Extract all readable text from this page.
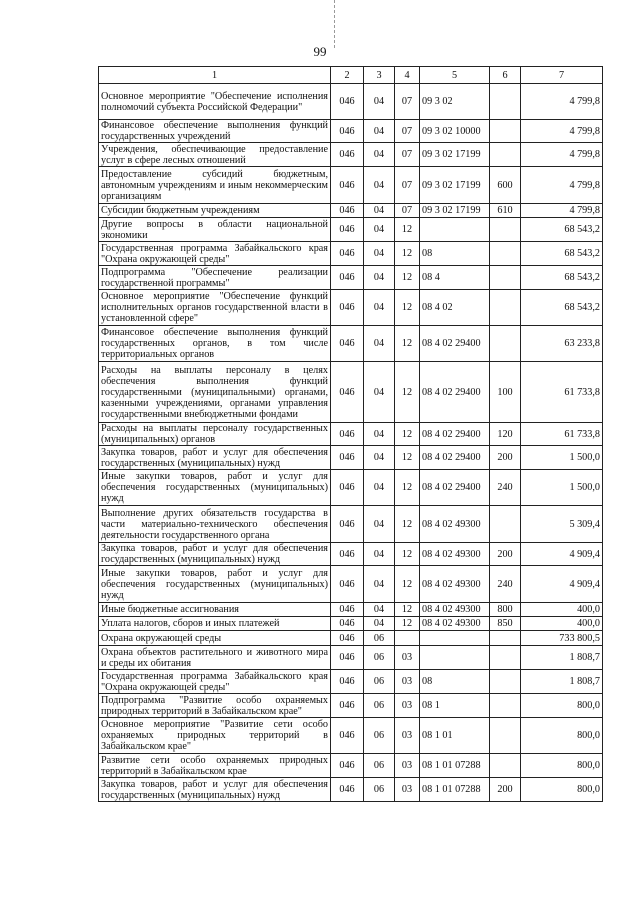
99
1	2	3	4	5	6	7
Основное мероприятие "Обеспечение исполнения полномочий субъекта Российской Федерации"	046	04	07	09 3 02		4 799,8
Финансовое обеспечение выполнения функций государственных учреждений	046	04	07	09 3 02 10000		4 799,8
Учреждения, обеспечивающие предоставление услуг в сфере лесных отношений	046	04	07	09 3 02 17199		4 799,8
Предоставление субсидий бюджетным, автономным учреждениям и иным некоммерческим организациям	046	04	07	09 3 02 17199	600	4 799,8
Субсидии бюджетным учреждениям	046	04	07	09 3 02 17199	610	4 799,8
Другие вопросы в области национальной экономики	046	04	12			68 543,2
Государственная программа Забайкальского края "Охрана окружающей среды"	046	04	12	08		68 543,2
Подпрограмма "Обеспечение реализации государственной программы"	046	04	12	08 4		68 543,2
Основное мероприятие "Обеспечение функций исполнительных органов государственной власти в установленной сфере"	046	04	12	08 4 02		68 543,2
Финансовое обеспечение выполнения функций государственных органов, в том числе территориальных органов	046	04	12	08 4 02 29400		63 233,8
Расходы на выплаты персоналу в целях обеспечения выполнения функций государственными (муниципальными) органами, казенными учреждениями, органами управления государственными внебюджетными фондами	046	04	12	08 4 02 29400	100	61 733,8
Расходы на выплаты персоналу государственных (муниципальных) органов	046	04	12	08 4 02 29400	120	61 733,8
Закупка товаров, работ и услуг для обеспечения государственных (муниципальных) нужд	046	04	12	08 4 02 29400	200	1 500,0
Иные закупки товаров, работ и услуг для обеспечения государственных (муниципальных) нужд	046	04	12	08 4 02 29400	240	1 500,0
Выполнение других обязательств государства в части материально-технического обеспечения деятельности государственного органа	046	04	12	08 4 02 49300		5 309,4
Закупка товаров, работ и услуг для обеспечения государственных (муниципальных) нужд	046	04	12	08 4 02 49300	200	4 909,4
Иные закупки товаров, работ и услуг для обеспечения государственных (муниципальных) нужд	046	04	12	08 4 02 49300	240	4 909,4
Иные бюджетные ассигнования	046	04	12	08 4 02 49300	800	400,0
Уплата налогов, сборов и иных платежей	046	04	12	08 4 02 49300	850	400,0
Охрана окружающей среды	046	06				733 800,5
Охрана объектов растительного и животного мира и среды их обитания	046	06	03			1 808,7
Государственная программа Забайкальского края "Охрана окружающей среды"	046	06	03	08		1 808,7
Подпрограмма "Развитие особо охраняемых природных территорий в Забайкальском крае"	046	06	03	08 1		800,0
Основное мероприятие "Развитие сети особо охраняемых природных территорий в Забайкальском крае"	046	06	03	08 1 01		800,0
Развитие сети особо охраняемых природных территорий в Забайкальском крае	046	06	03	08 1 01 07288		800,0
Закупка товаров, работ и услуг для обеспечения государственных (муниципальных) нужд	046	06	03	08 1 01 07288	200	800,0
